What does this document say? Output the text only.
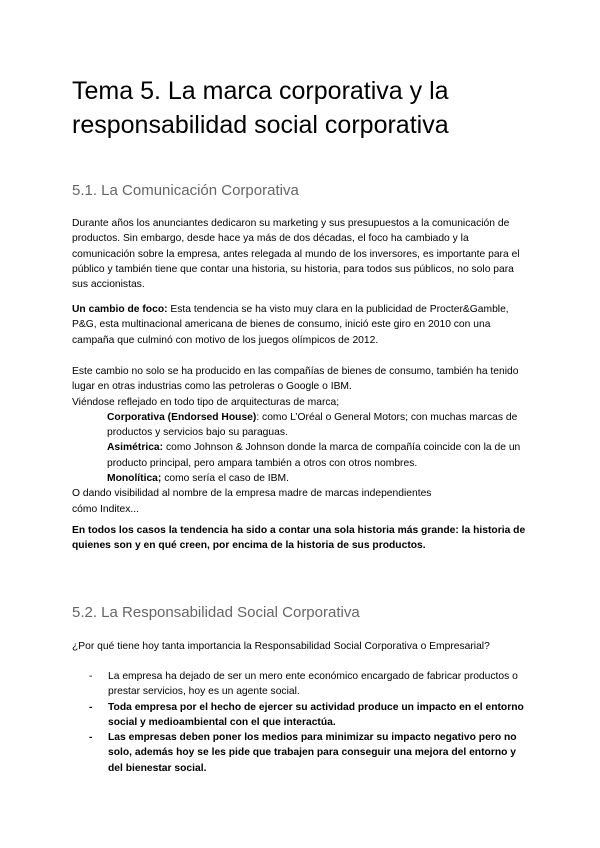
Tema 5. La marca corporativa y la responsabilidad social corporativa
5.1. La Comunicación Corporativa

Durante años los anunciantes dedicaron su marketing y sus presupuestos a la comunicación de productos. Sin embargo, desde hace ya más de dos décadas, el foco ha cambiado y la comunicación sobre la empresa, antes relegada al mundo de los inversores, es importante para el público y también tiene que contar una historia, su historia, para todos sus públicos, no solo para sus accionistas.

Un cambio de foco: Esta tendencia se ha visto muy clara en la publicidad de Procter&Gamble, P&G, esta multinacional americana de bienes de consumo, inició este giro en 2010 con una campaña que culminó con motivo de los juegos olímpicos de 2012.

Este cambio no solo se ha producido en las compañías de bienes de consumo, también ha tenido lugar en otras industrias como las petroleras o Google o IBM.
Viéndose reflejado en todo tipo de arquitecturas de marca;
Corporativa (Endorsed House): como L’Oréal o General Motors; con muchas marcas de productos y servicios bajo su paraguas.
Asimétrica: como Johnson & Johnson donde la marca de compañía coincide con la de un producto principal, pero ampara también a otros con otros nombres.
Monolítica; como sería el caso de IBM.
O dando visibilidad al nombre de la empresa madre de marcas independientes
cómo Inditex...

En todos los casos la tendencia ha sido a contar una sola historia más grande: la historia de quienes son y en qué creen, por encima de la historia de sus productos.

5.2. La Responsabilidad Social Corporativa

¿Por qué tiene hoy tanta importancia la Responsabilidad Social Corporativa o Empresarial?

- La empresa ha dejado de ser un mero ente económico encargado de fabricar productos o prestar servicios, hoy es un agente social.
- Toda empresa por el hecho de ejercer su actividad produce un impacto en el entorno social y medioambiental con el que interactúa.
- Las empresas deben poner los medios para minimizar su impacto negativo pero no solo, además hoy se les pide que trabajen para conseguir una mejora del entorno y del bienestar social.
